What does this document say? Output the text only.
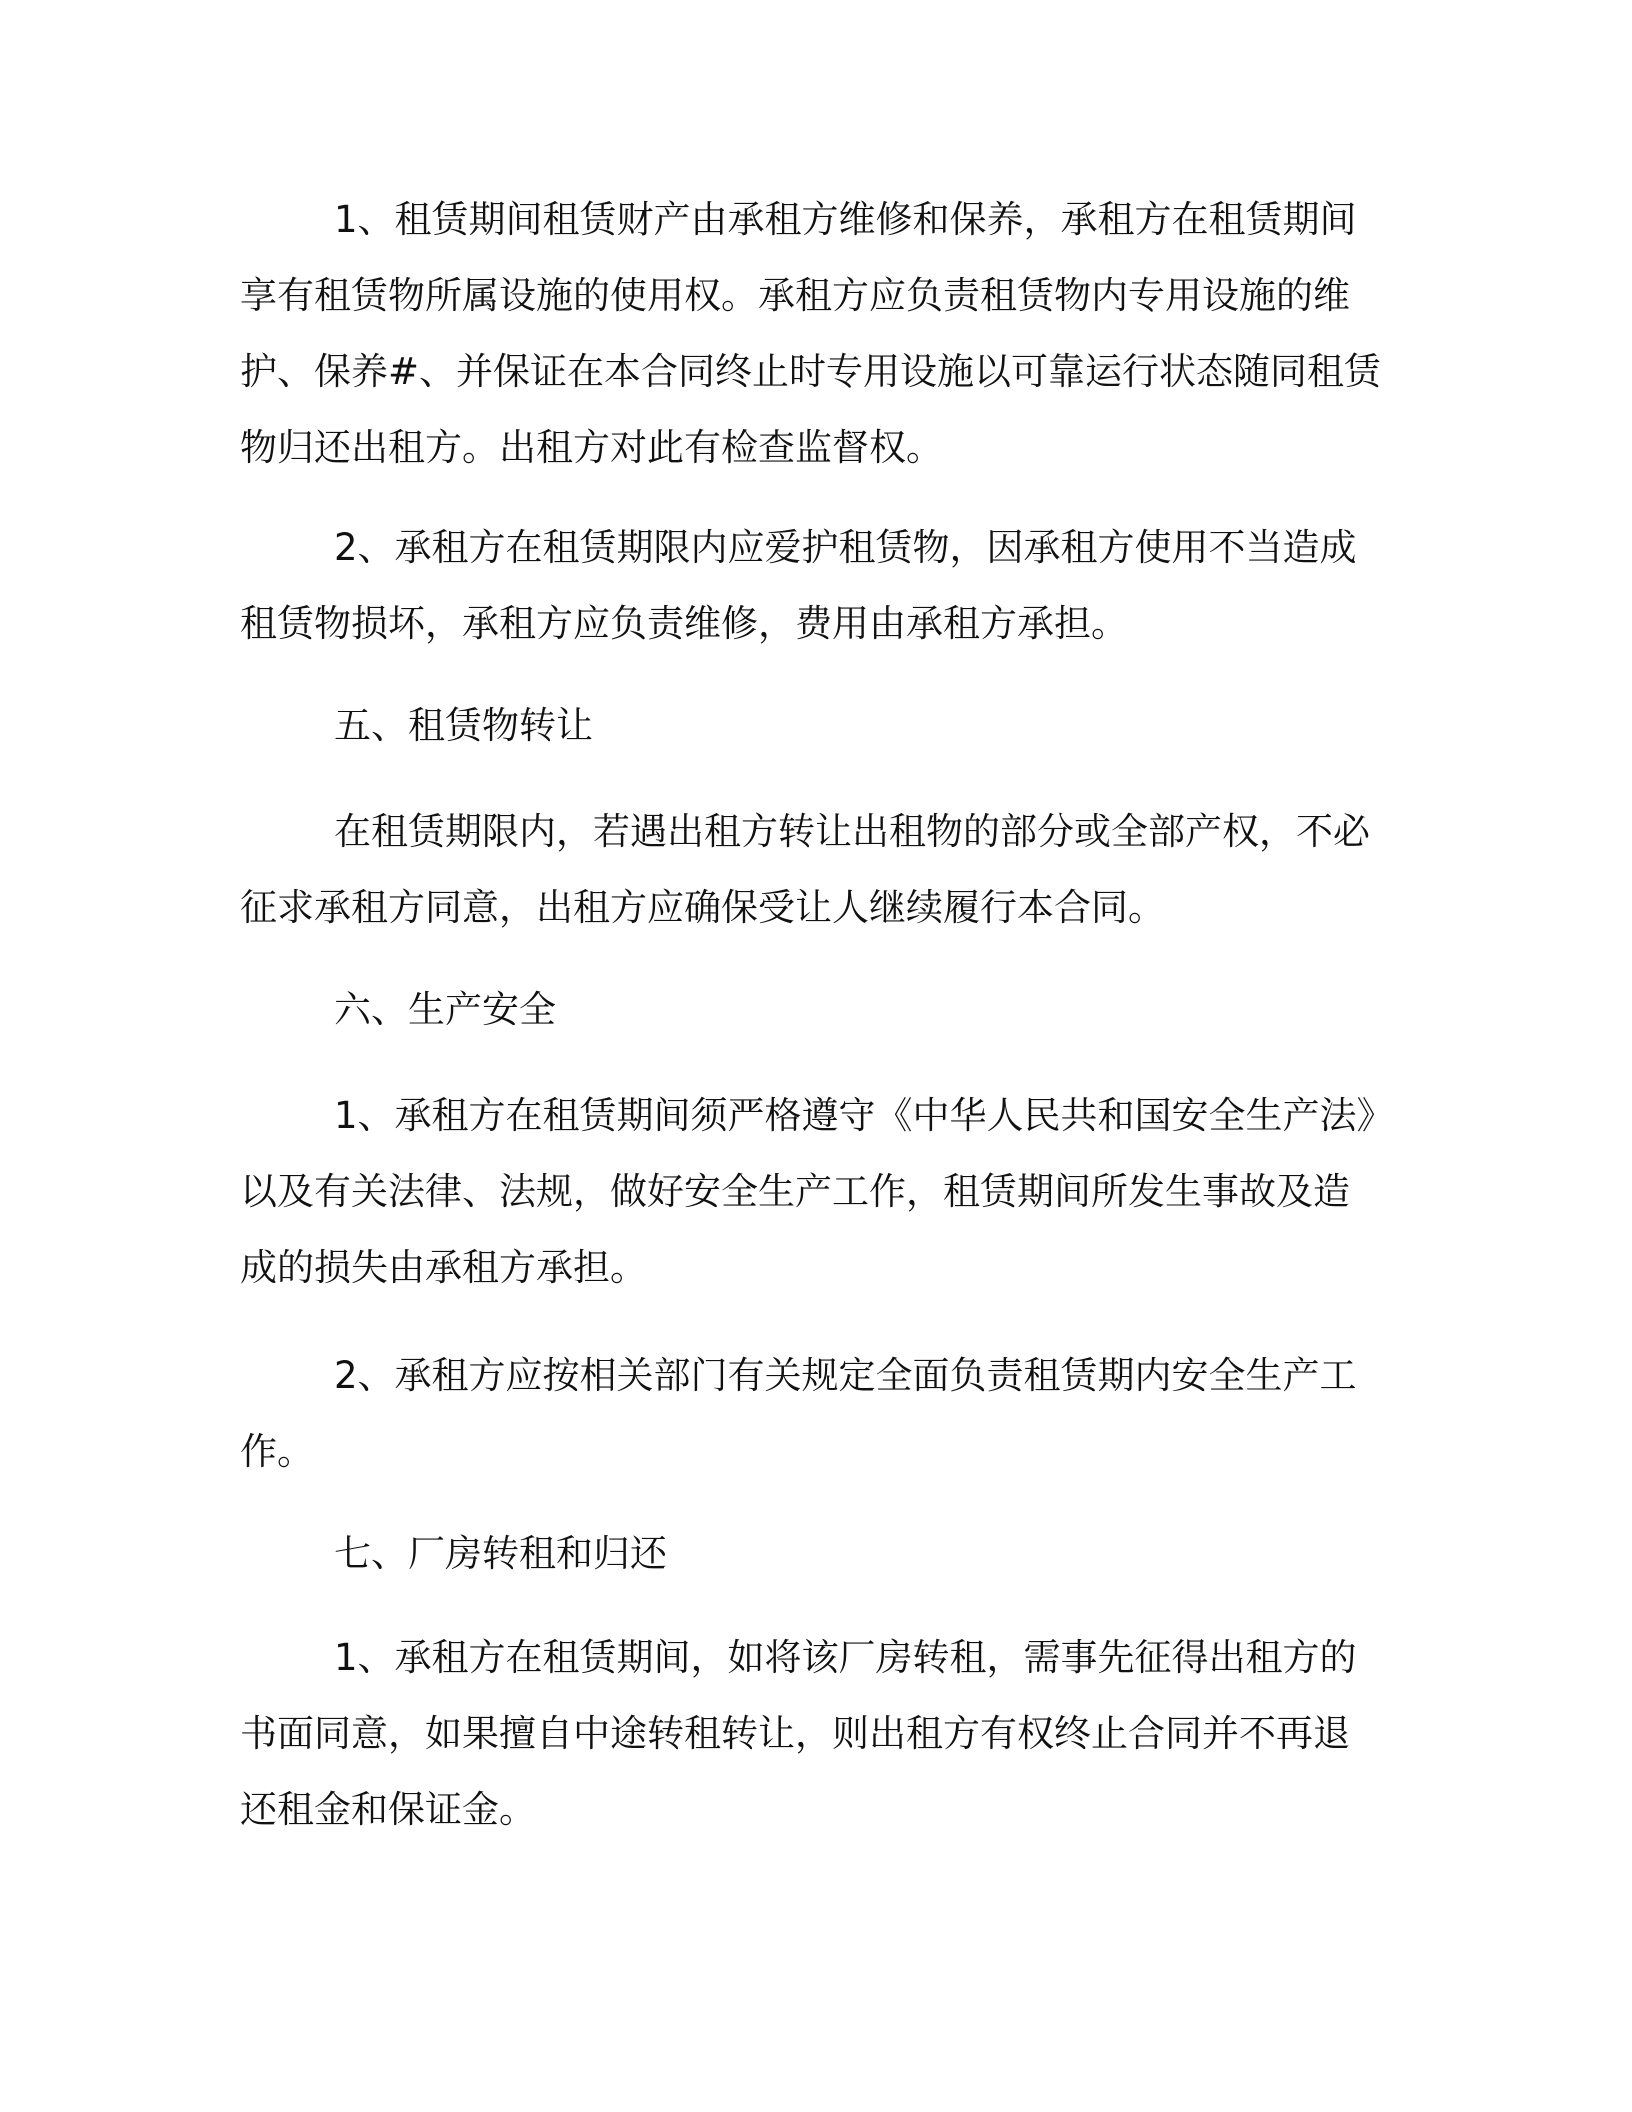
1、租赁期间租赁财产由承租方维修和保养，承租方在租赁期间

享有租赁物所属设施的使用权。承租方应负责租赁物内专用设施的维

护、保养#、并保证在本合同终止时专用设施以可靠运行状态随同租赁

物归还出租方。出租方对此有检查监督权。

2、承租方在租赁期限内应爱护租赁物，因承租方使用不当造成

租赁物损坏，承租方应负责维修，费用由承租方承担。

五、租赁物转让

在租赁期限内，若遇出租方转让出租物的部分或全部产权，不必

征求承租方同意，出租方应确保受让人继续履行本合同。

六、生产安全

1、承租方在租赁期间须严格遵守《中华人民共和国安全生产法》

以及有关法律、法规，做好安全生产工作，租赁期间所发生事故及造

成的损失由承租方承担。

2、承租方应按相关部门有关规定全面负责租赁期内安全生产工

作。

七、厂房转租和归还

1、承租方在租赁期间，如将该厂房转租，需事先征得出租方的

书面同意，如果擅自中途转租转让，则出租方有权终止合同并不再退

还租金和保证金。
